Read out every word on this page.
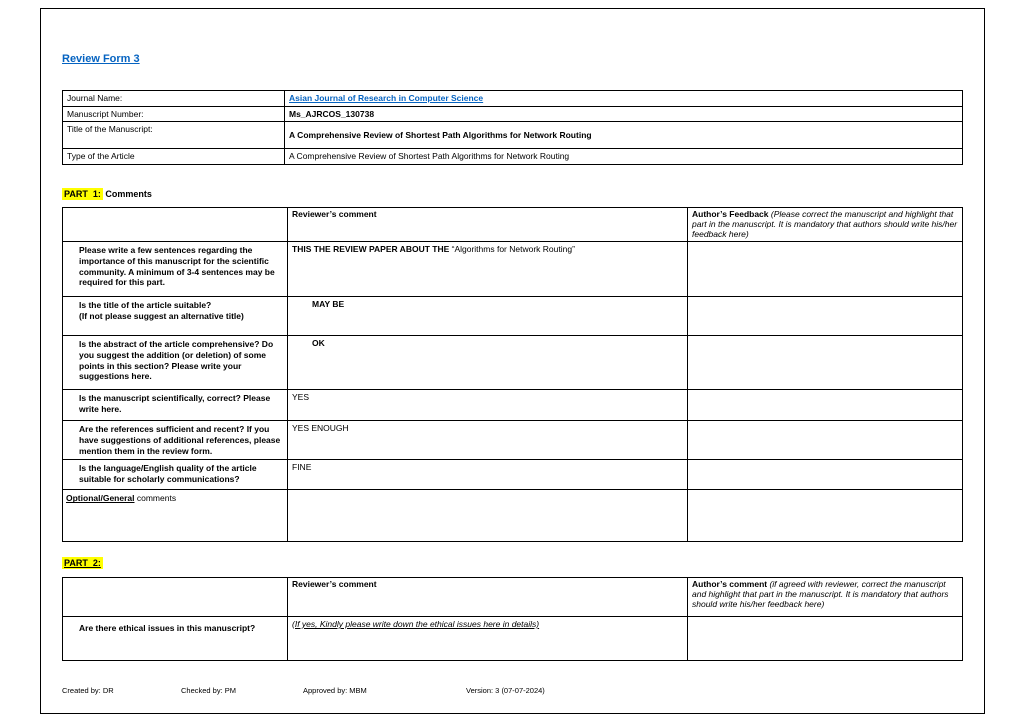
Review Form 3
Journal Name:	Asian Journal of Research in Computer Science
Manuscript Number:	Ms_AJRCOS_130738
Title of the Manuscript:	A Comprehensive Review of Shortest Path Algorithms for Network Routing
Type of the Article	A Comprehensive Review of Shortest Path Algorithms for Network Routing
PART  1: Comments
	Reviewer’s comment	Author’s Feedback (Please correct the manuscript and highlight that part in the manuscript. It is mandatory that authors should write his/her feedback here)
Please write a few sentences regarding the importance of this manuscript for the scientific community. A minimum of 3-4 sentences may be required for this part.	THIS THE REVIEW PAPER ABOUT THE “Algorithms for Network Routing”	

Is the title of the article suitable?
(If not please suggest an alternative title)	MAY BE	

Is the abstract of the article comprehensive? Do you suggest the addition (or deletion) of some points in this section? Please write your suggestions here.	OK	

Is the manuscript scientifically, correct? Please write here.	YES	
Are the references sufficient and recent? If you have suggestions of additional references, please mention them in the review form.	YES ENOUGH	
Is the language/English quality of the article suitable for scholarly communications?	FINE	
Optional/General comments		
PART  2:
	Reviewer’s comment	Author’s comment (if agreed with reviewer, correct the manuscript and highlight that part in the manuscript. It is mandatory that authors should write his/her feedback here)
Are there ethical issues in this manuscript?	(If yes, Kindly please write down the ethical issues here in details)	
Created by: DR	Checked by: PM	Approved by: MBM	Version: 3 (07-07-2024)
